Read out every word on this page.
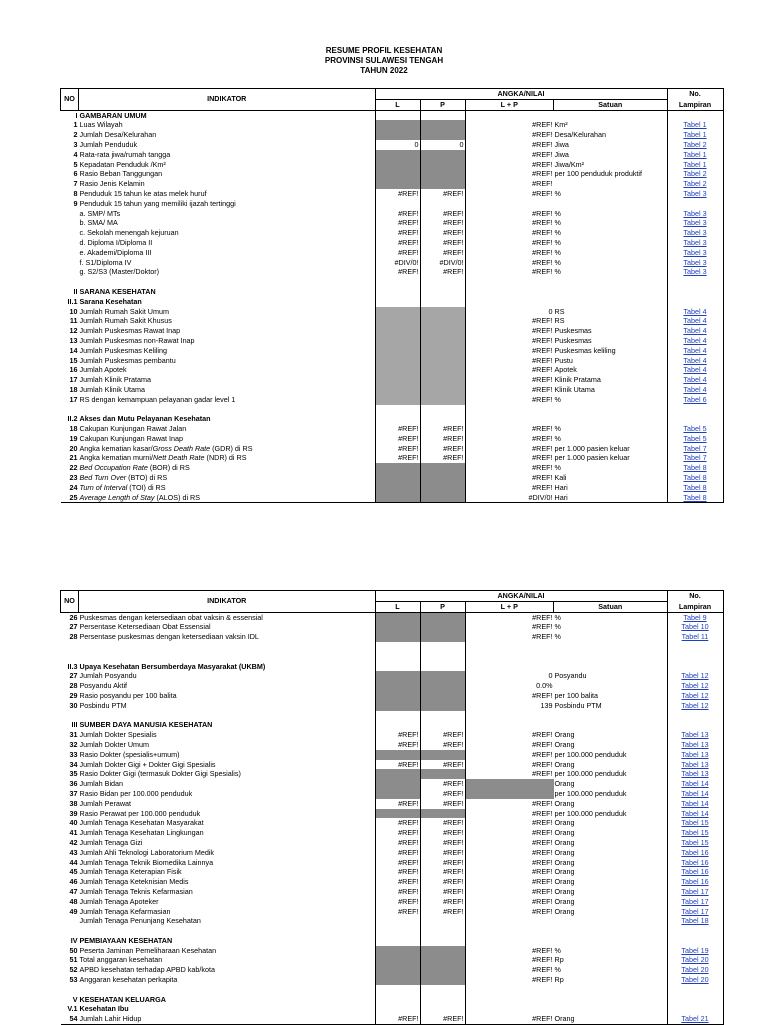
RESUME PROFIL KESEHATAN
PROVINSI SULAWESI TENGAH
TAHUN 2022
NO	INDIKATOR	ANGKA/NILAI				No.
		L	P	L + P	Satuan	Lampiran
I	GAMBARAN UMUM					
1	Luas Wilayah			#REF!	Km²	Tabel 1
2	Jumlah Desa/Kelurahan			#REF!	Desa/Kelurahan	Tabel 1
3	Jumlah Penduduk	0	0	#REF!	Jiwa	Tabel 2
4	Rata-rata jiwa/rumah tangga			#REF!	Jiwa	Tabel 1
5	Kepadatan Penduduk /Km²			#REF!	Jiwa/Km²	Tabel 1
6	Rasio Beban Tanggungan			#REF!	per 100 penduduk produktif	Tabel 2
7	Rasio Jenis Kelamin			#REF!		Tabel 2
8	Penduduk 15 tahun ke atas melek huruf	#REF!	#REF!	#REF!	%	Tabel 3
9	Penduduk 15 tahun yang memiliki ijazah tertinggi					
	a. SMP/ MTs	#REF!	#REF!	#REF!	%	Tabel 3
	b. SMA/ MA	#REF!	#REF!	#REF!	%	Tabel 3
	c. Sekolah menengah kejuruan	#REF!	#REF!	#REF!	%	Tabel 3
	d. Diploma I/Diploma II	#REF!	#REF!	#REF!	%	Tabel 3
	e. Akademi/Diploma III	#REF!	#REF!	#REF!	%	Tabel 3
	f. S1/Diploma IV	#DIV/0!	#DIV/0!	#REF!	%	Tabel 3
	g. S2/S3 (Master/Doktor)	#REF!	#REF!	#REF!	%	Tabel 3

II	SARANA KESEHATAN					
II.1	Sarana Kesehatan					
10	Jumlah Rumah Sakit Umum			0	RS	Tabel 4
11	Jumlah Rumah Sakit Khusus			#REF!	RS	Tabel 4
12	Jumlah Puskesmas Rawat Inap			#REF!	Puskesmas	Tabel 4
13	Jumlah Puskesmas non-Rawat Inap			#REF!	Puskesmas	Tabel 4
14	Jumlah Puskesmas Keliling			#REF!	Puskesmas keliling	Tabel 4
15	Jumlah Puskesmas pembantu			#REF!	Pustu	Tabel 4
16	Jumlah Apotek			#REF!	Apotek	Tabel 4
17	Jumlah Klinik Pratama			#REF!	Klinik Pratama	Tabel 4
18	Jumlah Klinik Utama			#REF!	Klinik Utama	Tabel 4
17	RS dengan kemampuan pelayanan gadar level 1			#REF!	%	Tabel 6

II.2	Akses dan Mutu Pelayanan Kesehatan					
18	Cakupan Kunjungan Rawat Jalan	#REF!	#REF!	#REF!	%	Tabel 5
19	Cakupan Kunjungan Rawat Inap	#REF!	#REF!	#REF!	%	Tabel 5
20	Angka kematian kasar/Gross Death Rate (GDR) di RS	#REF!	#REF!	#REF!	per 1.000 pasien keluar	Tabel 7
21	Angka kematian murni/Nett Death Rate (NDR) di RS	#REF!	#REF!	#REF!	per 1.000 pasien keluar	Tabel 7
22	Bed Occupation Rate (BOR) di RS			#REF!	%	Tabel 8
23	Bed Turn Over (BTO) di RS			#REF!	Kali	Tabel 8
24	Turn of Interval (TOI) di RS			#REF!	Hari	Tabel 8
25	Average Length of Stay (ALOS) di RS			#DIV/0!	Hari	Tabel 8
NO	INDIKATOR	ANGKA/NILAI				No.
		L	P	L + P	Satuan	Lampiran
26	Puskesmas dengan ketersediaan obat vaksin & essensial			#REF!	%	Tabel 9
27	Persentase Ketersediaan Obat Essensial			#REF!	%	Tabel 10
28	Persentase puskesmas dengan ketersediaan vaksin IDL			#REF!	%	Tabel 11

II.3	Upaya Kesehatan Bersumberdaya Masyarakat (UKBM)					
27	Jumlah Posyandu			0	Posyandu	Tabel 12
28	Posyandu Aktif			0.0%		Tabel 12
29	Rasio posyandu per 100 balita			#REF!	per 100 balita	Tabel 12
30	Posbindu PTM			139	Posbindu PTM	Tabel 12

III	SUMBER DAYA MANUSIA KESEHATAN					
31	Jumlah Dokter Spesialis	#REF!	#REF!	#REF!	Orang	Tabel 13
32	Jumlah Dokter Umum	#REF!	#REF!	#REF!	Orang	Tabel 13
33	Rasio Dokter (spesialis+umum)			#REF!	per 100.000 penduduk	Tabel 13
34	Jumlah Dokter Gigi + Dokter Gigi Spesialis	#REF!	#REF!	#REF!	Orang	Tabel 13
35	Rasio Dokter Gigi (termasuk Dokter Gigi Spesialis)			#REF!	per 100.000 penduduk	Tabel 13
36	Jumlah Bidan		#REF!		Orang	Tabel 14
37	Rasio Bidan per 100.000 penduduk		#REF!		per 100.000 penduduk	Tabel 14
38	Jumlah Perawat	#REF!	#REF!	#REF!	Orang	Tabel 14
39	Rasio Perawat per 100.000 penduduk			#REF!	per 100.000 penduduk	Tabel 14
40	Jumlah Tenaga Kesehatan Masyarakat	#REF!	#REF!	#REF!	Orang	Tabel 15
41	Jumlah Tenaga Kesehatan Lingkungan	#REF!	#REF!	#REF!	Orang	Tabel 15
42	Jumlah Tenaga Gizi	#REF!	#REF!	#REF!	Orang	Tabel 15
43	Jumlah Ahli Teknologi Laboratorium Medik	#REF!	#REF!	#REF!	Orang	Tabel 16
44	Jumlah Tenaga Teknik Biomedika Lainnya	#REF!	#REF!	#REF!	Orang	Tabel 16
45	Jumlah Tenaga Keterapian Fisik	#REF!	#REF!	#REF!	Orang	Tabel 16
46	Jumlah Tenaga Keteknisian Medis	#REF!	#REF!	#REF!	Orang	Tabel 16
47	Jumlah Tenaga Teknis Kefarmasian	#REF!	#REF!	#REF!	Orang	Tabel 17
48	Jumlah Tenaga Apoteker	#REF!	#REF!	#REF!	Orang	Tabel 17
49	Jumlah Tenaga Kefarmasian	#REF!	#REF!	#REF!	Orang	Tabel 17
	Jumlah Tenaga Penunjang Kesehatan					Tabel 18

IV	PEMBIAYAAN KESEHATAN					
50	Peserta Jaminan Pemeliharaan Kesehatan			#REF!	%	Tabel 19
51	Total anggaran kesehatan			#REF!	Rp	Tabel 20
52	APBD kesehatan terhadap APBD kab/kota			#REF!	%	Tabel 20
53	Anggaran kesehatan perkapita			#REF!	Rp	Tabel 20

V	KESEHATAN KELUARGA					
V.1	Kesehatan Ibu					
54	Jumlah Lahir Hidup	#REF!	#REF!	#REF!	Orang	Tabel 21
